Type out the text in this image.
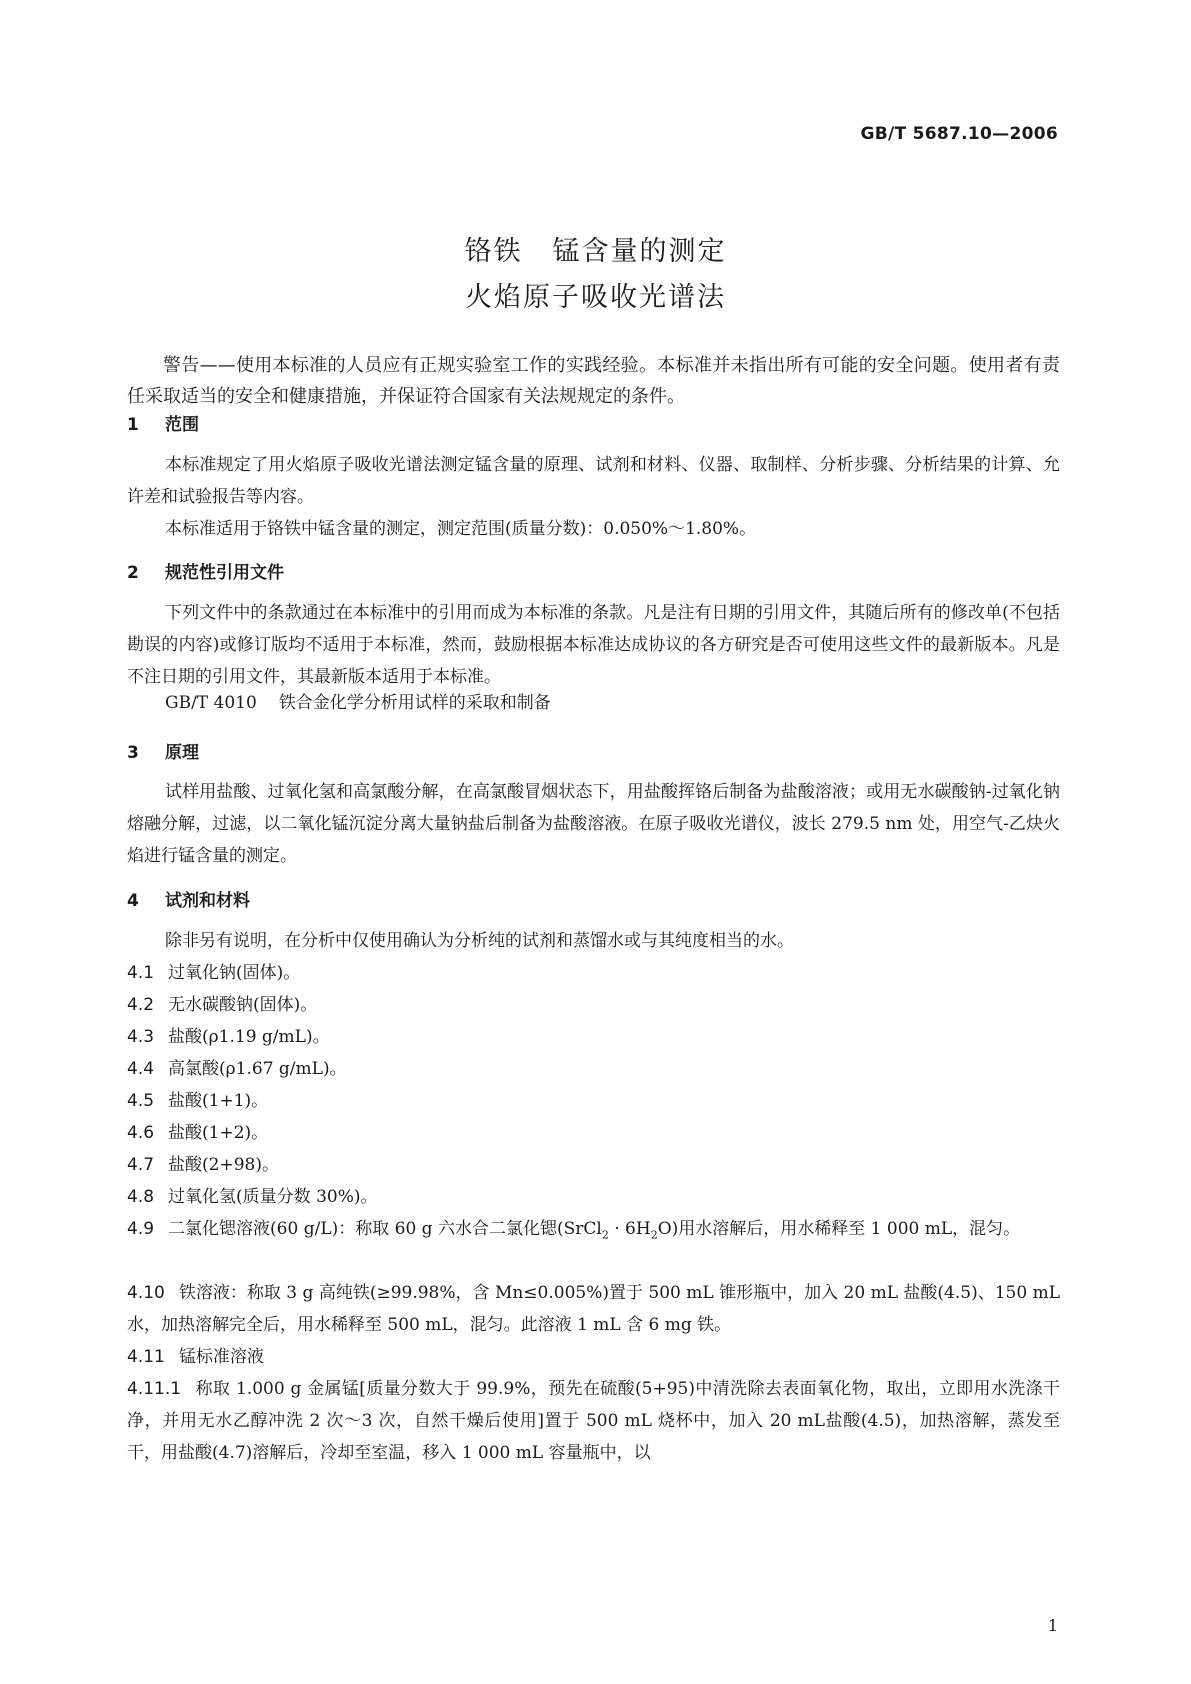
GB/T 5687.10—2006
铬铁 锰含量的测定
火焰原子吸收光谱法
警告——使用本标准的人员应有正规实验室工作的实践经验。本标准并未指出所有可能的安全问题。使用者有责任采取适当的安全和健康措施，并保证符合国家有关法规规定的条件。
1 范围
本标准规定了用火焰原子吸收光谱法测定锰含量的原理、试剂和材料、仪器、取制样、分析步骤、分析结果的计算、允许差和试验报告等内容。
本标准适用于铬铁中锰含量的测定，测定范围(质量分数)：0.050%～1.80%。
2 规范性引用文件
下列文件中的条款通过在本标准中的引用而成为本标准的条款。凡是注有日期的引用文件，其随后所有的修改单(不包括勘误的内容)或修订版均不适用于本标准，然而，鼓励根据本标准达成协议的各方研究是否可使用这些文件的最新版本。凡是不注日期的引用文件，其最新版本适用于本标准。
GB/T 4010 铁合金化学分析用试样的采取和制备
3 原理
试样用盐酸、过氧化氢和高氯酸分解，在高氯酸冒烟状态下，用盐酸挥铬后制备为盐酸溶液；或用无水碳酸钠-过氧化钠熔融分解，过滤，以二氧化锰沉淀分离大量钠盐后制备为盐酸溶液。在原子吸收光谱仪，波长 279.5 nm 处，用空气-乙炔火焰进行锰含量的测定。
4 试剂和材料
除非另有说明，在分析中仅使用确认为分析纯的试剂和蒸馏水或与其纯度相当的水。
4.1 过氧化钠(固体)。
4.2 无水碳酸钠(固体)。
4.3 盐酸(ρ1.19 g/mL)。
4.4 高氯酸(ρ1.67 g/mL)。
4.5 盐酸(1+1)。
4.6 盐酸(1+2)。
4.7 盐酸(2+98)。
4.8 过氧化氢(质量分数 30%)。
4.9 二氯化锶溶液(60 g/L)：称取 60 g 六水合二氯化锶(SrCl$_2$ · $6H_2O$)用水溶解后，用水稀释至 1 000 mL，混匀。
4.10 铁溶液：称取 3 g 高纯铁(≥99.98%，含 Mn≤0.005%)置于 500 mL 锥形瓶中，加入 20 mL 盐酸(4.5)、150 mL 水，加热溶解完全后，用水稀释至 500 mL，混匀。此溶液 1 mL 含 6 mg 铁。
4.11 锰标准溶液
4.11.1 称取 1.000 g 金属锰[质量分数大于 99.9%，预先在硫酸(5+95)中清洗除去表面氧化物，取出，立即用水洗涤干净，并用无水乙醇冲洗 2 次～3 次，自然干燥后使用]置于 500 mL 烧杯中，加入 20 mL盐酸(4.5)，加热溶解，蒸发至干，用盐酸(4.7)溶解后，冷却至室温，移入 1 000 mL 容量瓶中，以
1
